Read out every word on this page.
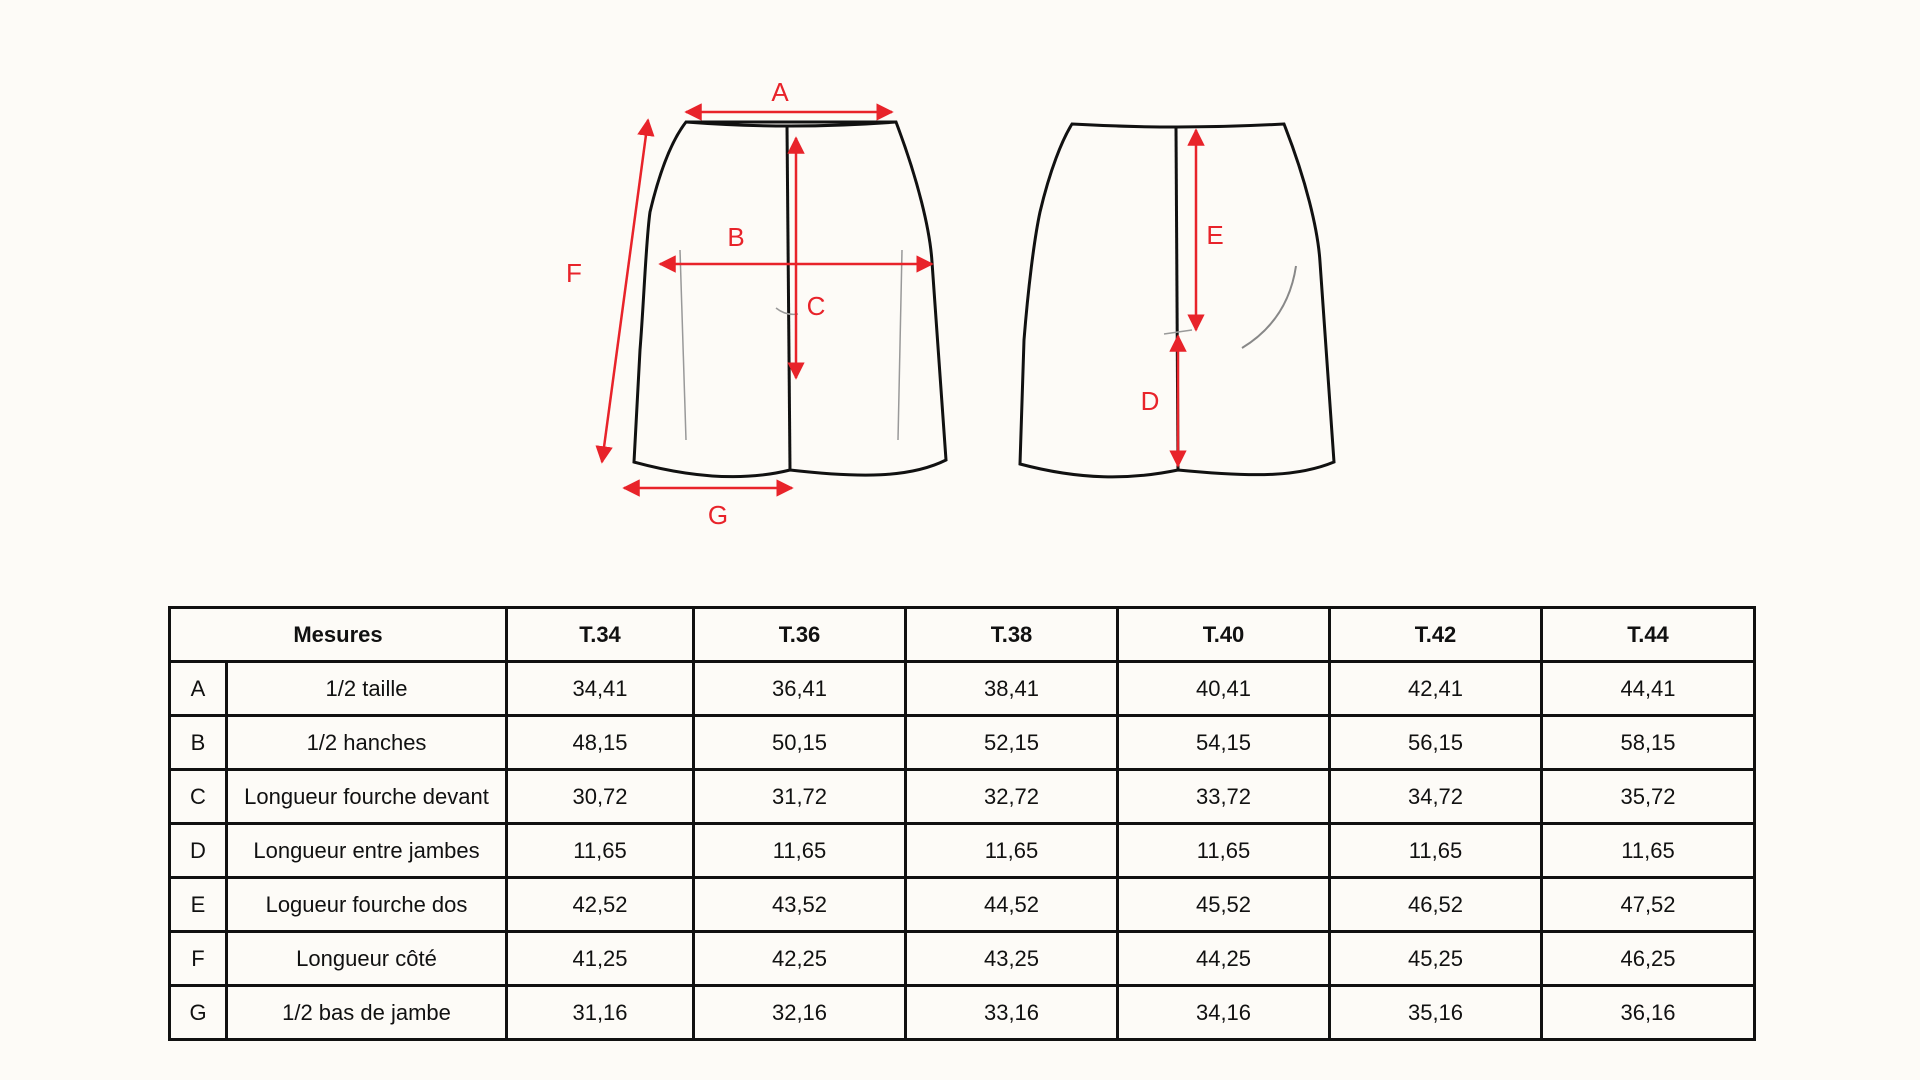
A
B
C
D
E
F
G
Mesures		T.34	T.36	T.38	T.40	T.42	T.44
A	1/2 taille	34,41	36,41	38,41	40,41	42,41	44,41
B	1/2 hanches	48,15	50,15	52,15	54,15	56,15	58,15
C	Longueur fourche devant	30,72	31,72	32,72	33,72	34,72	35,72
D	Longueur entre jambes	11,65	11,65	11,65	11,65	11,65	11,65
E	Logueur fourche dos	42,52	43,52	44,52	45,52	46,52	47,52
F	Longueur côté	41,25	42,25	43,25	44,25	45,25	46,25
G	1/2 bas de jambe	31,16	32,16	33,16	34,16	35,16	36,16
